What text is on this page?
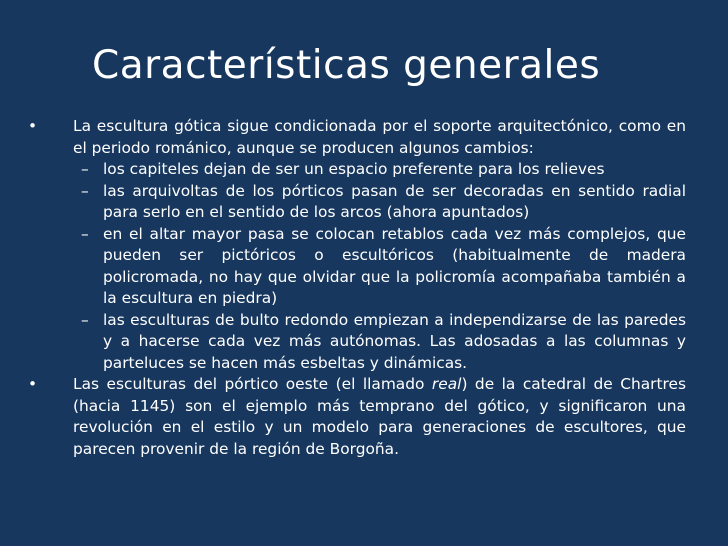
Características generales
• La escultura gótica sigue condicionada por el soporte arquitectónico, como en el periodo románico, aunque se producen algunos cambios:
– los capiteles dejan de ser un espacio preferente para los relieves
– las arquivoltas de los pórticos pasan de ser decoradas en sentido radial para serlo en el sentido de los arcos (ahora apuntados)
– en el altar mayor pasa se colocan retablos cada vez más complejos, que pueden ser pictóricos o escultóricos (habitualmente de madera policromada, no hay que olvidar que la policromía acompañaba también a la escultura en piedra)
– las esculturas de bulto redondo empiezan a independizarse de las paredes y a hacerse cada vez más autónomas. Las adosadas a las columnas y parteluces se hacen más esbeltas y dinámicas.
• Las esculturas del pórtico oeste (el llamado real) de la catedral de Chartres (hacia 1145) son el ejemplo más temprano del gótico, y significaron una revolución en el estilo y un modelo para generaciones de escultores, que parecen provenir de la región de Borgoña.
